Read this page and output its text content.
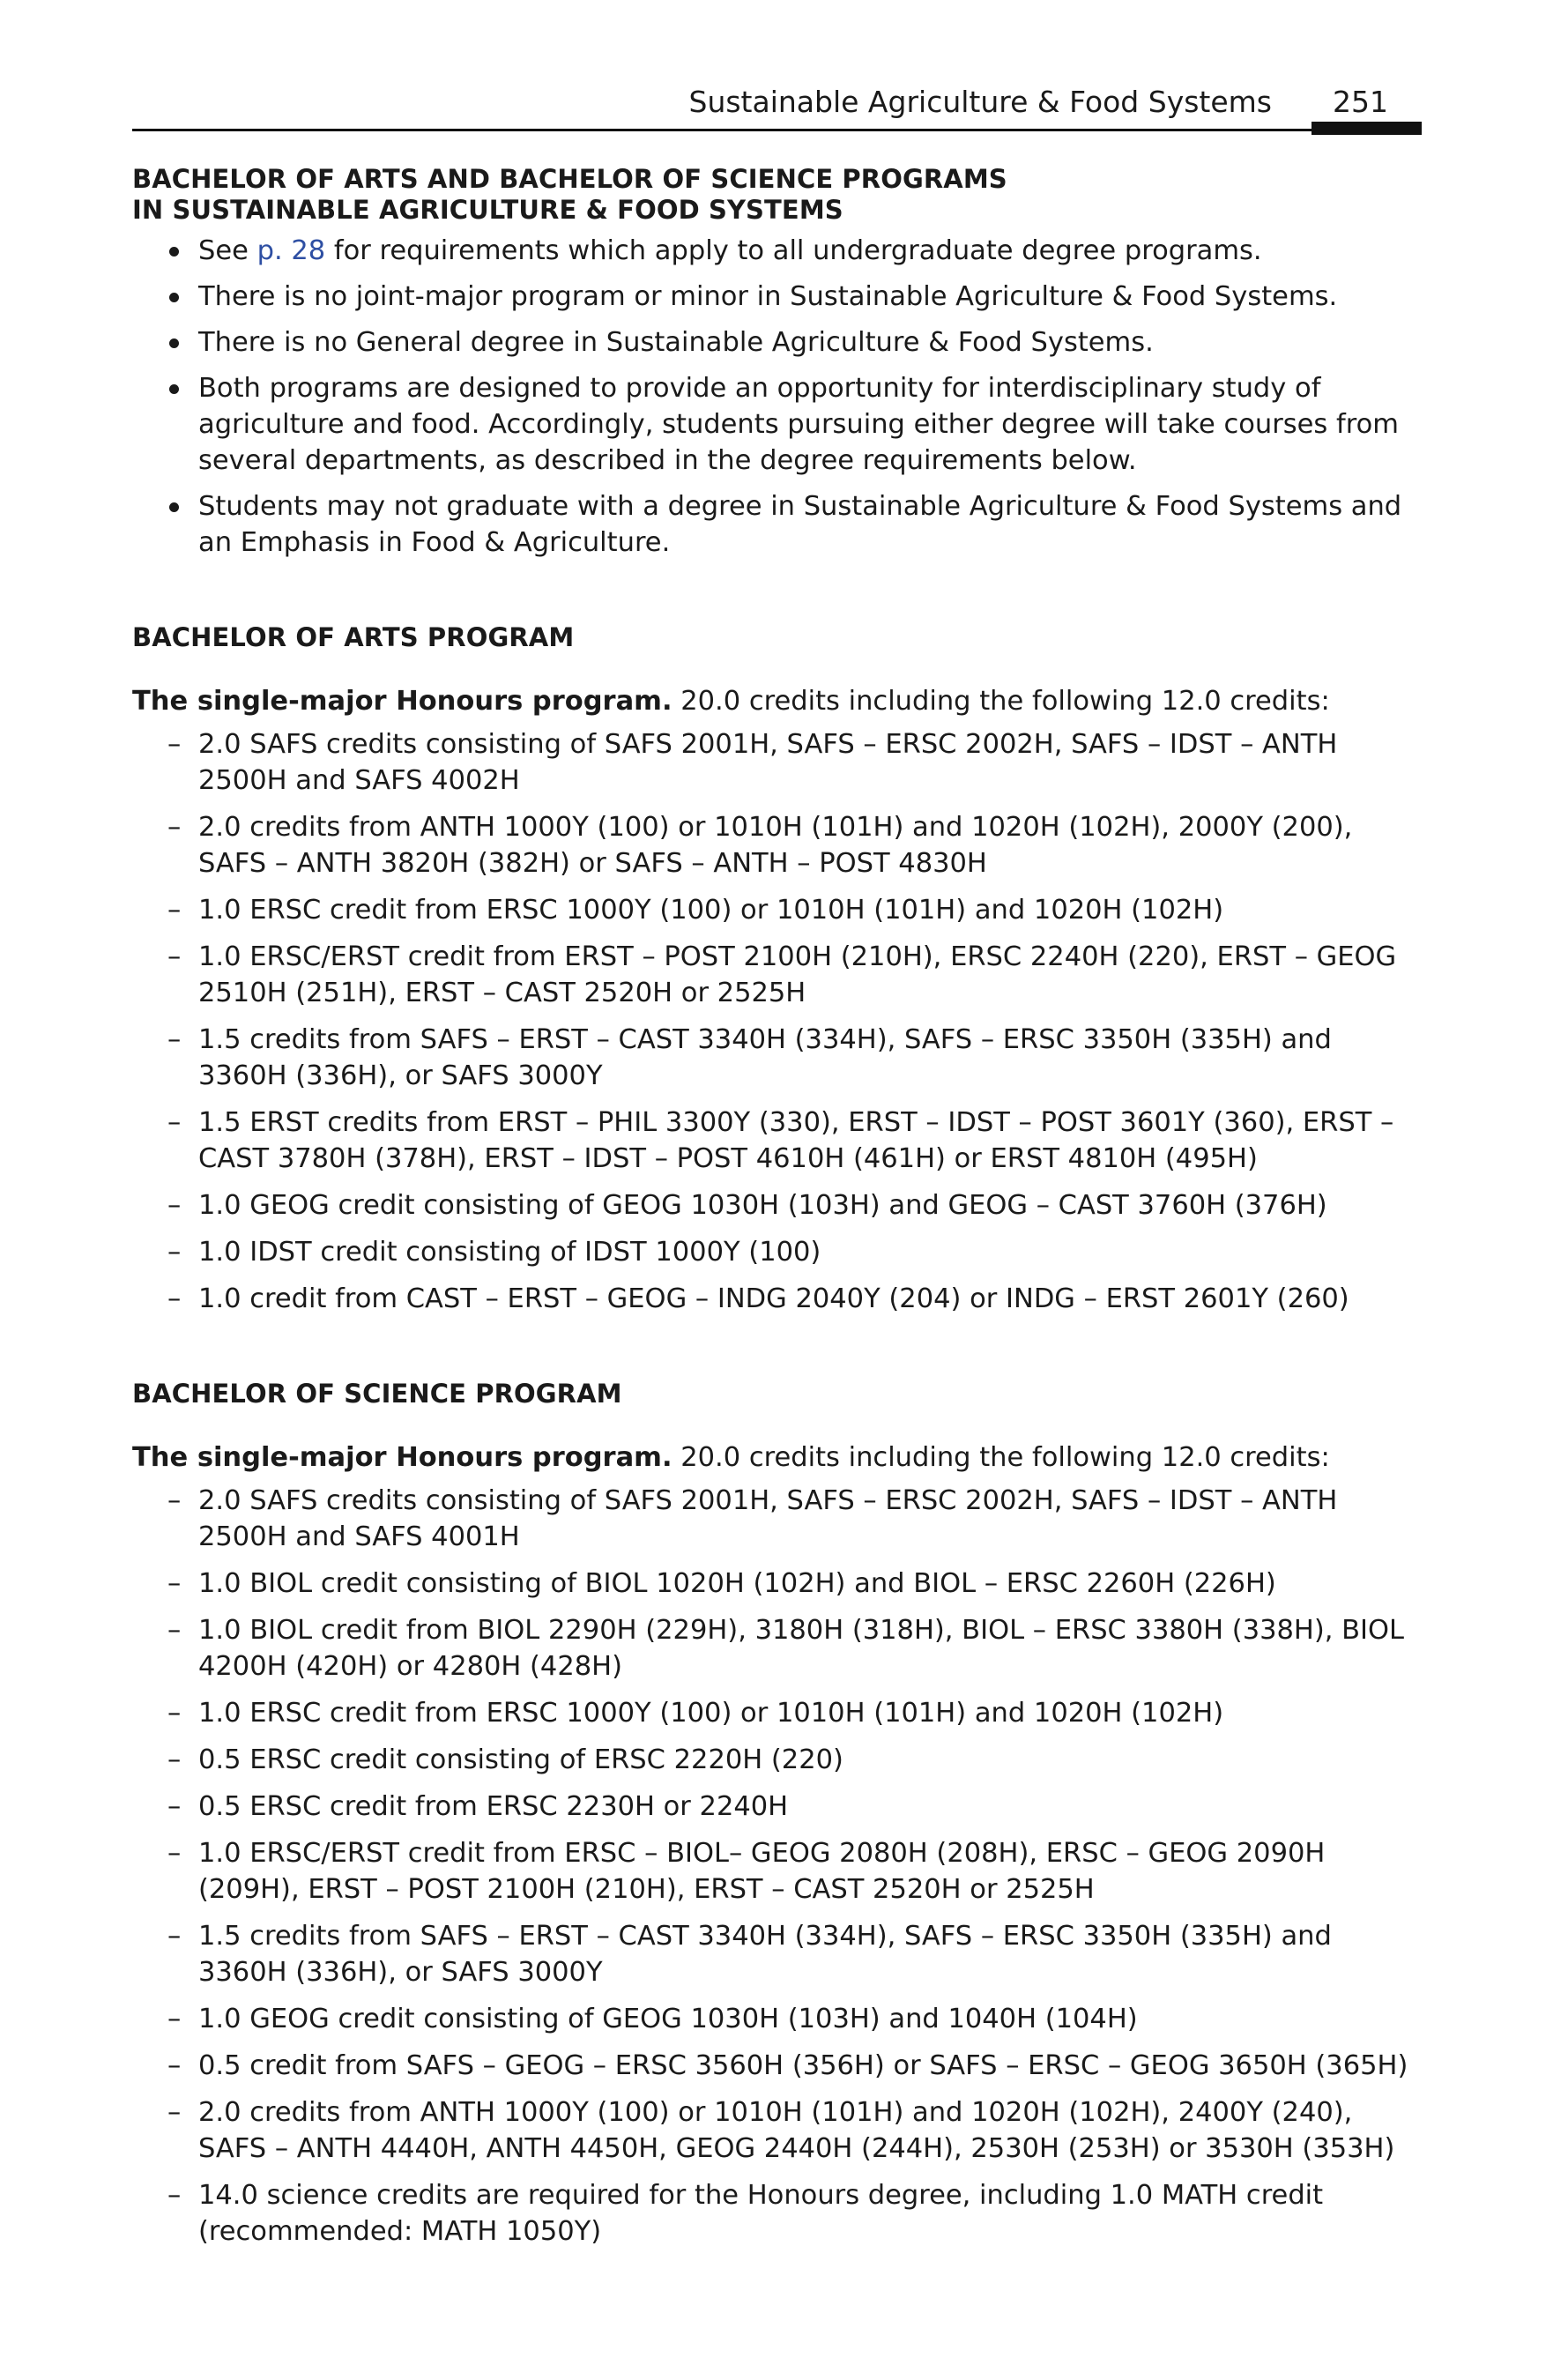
Sustainable Agriculture & Food Systems 251
BACHELOR OF ARTS AND BACHELOR OF SCIENCE PROGRAMS
IN SUSTAINABLE AGRICULTURE & FOOD SYSTEMS
See p. 28 for requirements which apply to all undergraduate degree programs.
There is no joint-major program or minor in Sustainable Agriculture & Food Systems.
There is no General degree in Sustainable Agriculture & Food Systems.
Both programs are designed to provide an opportunity for interdisciplinary study of agriculture and food. Accordingly, students pursuing either degree will take courses from several departments, as described in the degree requirements below.
Students may not graduate with a degree in Sustainable Agriculture & Food Systems and an Emphasis in Food & Agriculture.
BACHELOR OF ARTS PROGRAM

The single-major Honours program. 20.0 credits including the following 12.0 credits:

– 2.0 SAFS credits consisting of SAFS 2001H, SAFS – ERSC 2002H, SAFS – IDST – ANTH 2500H and SAFS 4002H
– 2.0 credits from ANTH 1000Y (100) or 1010H (101H) and 1020H (102H), 2000Y (200), SAFS – ANTH 3820H (382H) or SAFS – ANTH – POST 4830H
– 1.0 ERSC credit from ERSC 1000Y (100) or 1010H (101H) and 1020H (102H)
– 1.0 ERSC/ERST credit from ERST – POST 2100H (210H), ERSC 2240H (220), ERST – GEOG 2510H (251H), ERST – CAST 2520H or 2525H
– 1.5 credits from SAFS – ERST – CAST 3340H (334H), SAFS – ERSC 3350H (335H) and 3360H (336H), or SAFS 3000Y
– 1.5 ERST credits from ERST – PHIL 3300Y (330), ERST – IDST – POST 3601Y (360), ERST – CAST 3780H (378H), ERST – IDST – POST 4610H (461H) or ERST 4810H (495H)
– 1.0 GEOG credit consisting of GEOG 1030H (103H) and GEOG – CAST 3760H (376H)
– 1.0 IDST credit consisting of IDST 1000Y (100)
– 1.0 credit from CAST – ERST – GEOG – INDG 2040Y (204) or INDG – ERST 2601Y (260)
BACHELOR OF SCIENCE PROGRAM

The single-major Honours program. 20.0 credits including the following 12.0 credits:

– 2.0 SAFS credits consisting of SAFS 2001H, SAFS – ERSC 2002H, SAFS – IDST – ANTH 2500H and SAFS 4001H
– 1.0 BIOL credit consisting of BIOL 1020H (102H) and BIOL – ERSC 2260H (226H)
– 1.0 BIOL credit from BIOL 2290H (229H), 3180H (318H), BIOL – ERSC 3380H (338H), BIOL 4200H (420H) or 4280H (428H)
– 1.0 ERSC credit from ERSC 1000Y (100) or 1010H (101H) and 1020H (102H)
– 0.5 ERSC credit consisting of ERSC 2220H (220)
– 0.5 ERSC credit from ERSC 2230H or 2240H
– 1.0 ERSC/ERST credit from ERSC – BIOL– GEOG 2080H (208H), ERSC – GEOG 2090H (209H), ERST – POST 2100H (210H), ERST – CAST 2520H or 2525H
– 1.5 credits from SAFS – ERST – CAST 3340H (334H), SAFS – ERSC 3350H (335H) and 3360H (336H), or SAFS 3000Y
– 1.0 GEOG credit consisting of GEOG 1030H (103H) and 1040H (104H)
– 0.5 credit from SAFS – GEOG – ERSC 3560H (356H) or SAFS – ERSC – GEOG 3650H (365H)
– 2.0 credits from ANTH 1000Y (100) or 1010H (101H) and 1020H (102H), 2400Y (240), SAFS – ANTH 4440H, ANTH 4450H, GEOG 2440H (244H), 2530H (253H) or 3530H (353H)
– 14.0 science credits are required for the Honours degree, including 1.0 MATH credit (recommended: MATH 1050Y)
